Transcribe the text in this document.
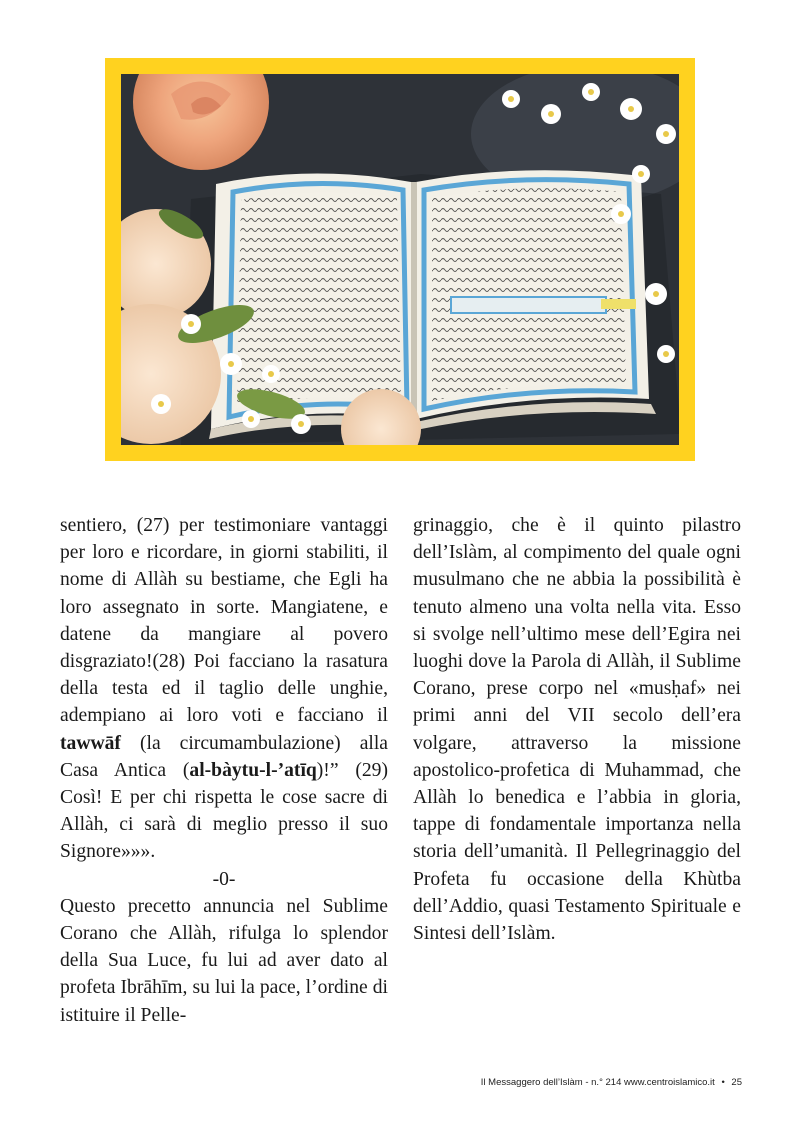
sentiero, (27) per testimoniare vantaggi per loro e ricordare, in giorni stabiliti, il nome di Allàh su bestiame, che Egli ha loro assegnato in sorte. Mangiatene, e datene da mangiare al povero disgraziato!(28) Poi facciano la rasatura della testa ed il taglio delle unghie, adempiano ai loro voti e facciano il tawwāf (la circumambulazione) alla Casa Antica (al-bàytu-l-’atīq)!” (29) Così! E per chi rispetta le cose sacre di Allàh, ci sarà di meglio presso il suo Signore»»».

-0-

Questo precetto annuncia nel Sublime Corano che Allàh, rifulga lo splendor della Sua Luce, fu lui ad aver dato al profeta Ibrāhīm, su lui la pace, l’ordine di istituire il Pelle-

grinaggio, che è il quinto pilastro dell’Islàm, al compimento del quale ogni musulmano che ne abbia la possibilità è tenuto almeno una volta nella vita. Esso si svolge nell’ultimo mese dell’Egira nei luoghi dove la Parola di Allàh, il Sublime Corano, prese corpo nel «musḥaf» nei primi anni del VII secolo dell’era volgare, attraverso la missione apostolico-profetica di Muhammad, che Allàh lo benedica e l’abbia in gloria, tappe di fondamentale importanza nella storia dell’umanità. Il Pellegrinaggio del Profeta fu occasione della Khùtba dell’Addio, quasi Testamento Spirituale e Sintesi dell’Islàm.

Il Messaggero dell’Islàm - n.° 214 www.centroislamico.it • 25
